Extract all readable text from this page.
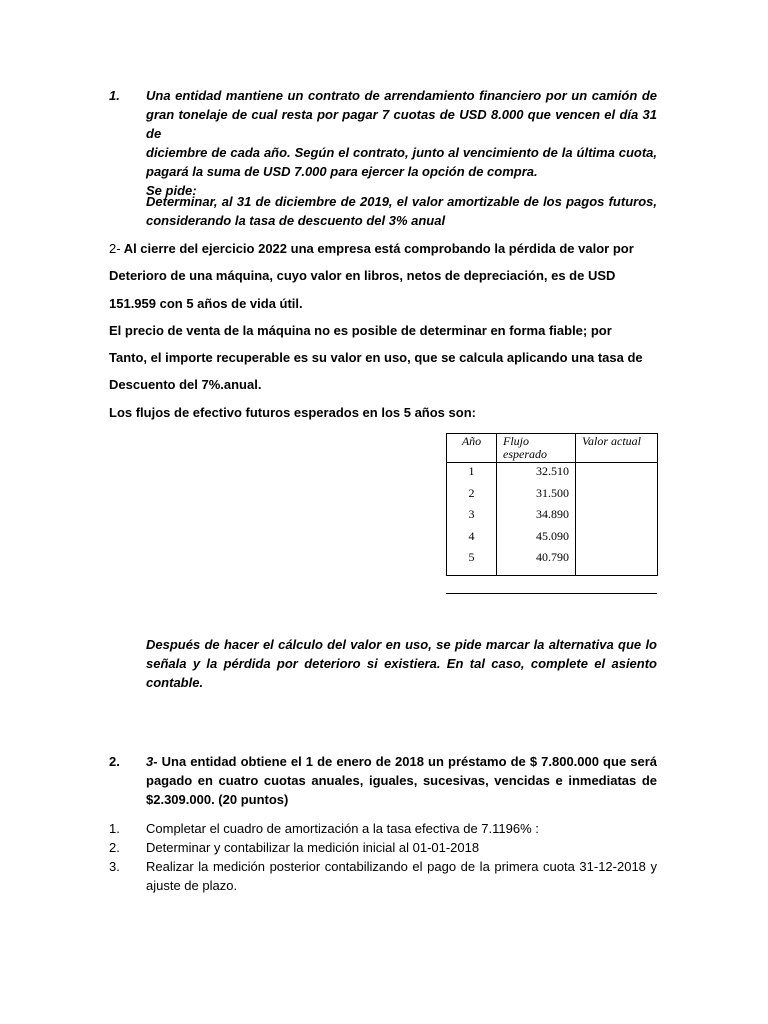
1. Una entidad mantiene un contrato de arrendamiento financiero por un camión de
gran tonelaje de cual resta por pagar 7 cuotas de USD 8.000 que vencen el día 31 de
diciembre de cada año. Según el contrato, junto al vencimiento de la última cuota,
pagará la suma de USD 7.000 para ejercer la opción de compra.
Se pide:
Determinar, al 31 de diciembre de 2019, el valor amortizable de los pagos futuros,
considerando la tasa de descuento del 3% anual
2- Al cierre del ejercicio 2022 una empresa está comprobando la pérdida de valor por
Deterioro de una máquina, cuyo valor en libros, netos de depreciación, es de USD
151.959 con 5 años de vida útil.
El precio de venta de la máquina no es posible de determinar en forma fiable; por
Tanto, el importe recuperable es su valor en uso, que se calcula aplicando una tasa de
Descuento del 7%.anual.
Los flujos de efectivo futuros esperados en los 5 años son:
Año	Flujo esperado	Valor actual
1	32.510	
2	31.500	
3	34.890	
4	45.090	
5	40.790	
Después de hacer el cálculo del valor en uso, se pide marcar la alternativa que lo
señala y la pérdida por deterioro si existiera. En tal caso, complete el asiento
contable.
2. 3- Una entidad obtiene el 1 de enero de 2018 un préstamo de $ 7.800.000 que será
pagado en cuatro cuotas anuales, iguales, sucesivas, vencidas e inmediatas de
$2.309.000. (20 puntos)
1. Completar el cuadro de amortización a la tasa efectiva de 7.1196% :
2. Determinar y contabilizar la medición inicial al 01-01-2018
3. Realizar la medición posterior contabilizando el pago de la primera cuota 31-12-2018 y ajuste de plazo.
